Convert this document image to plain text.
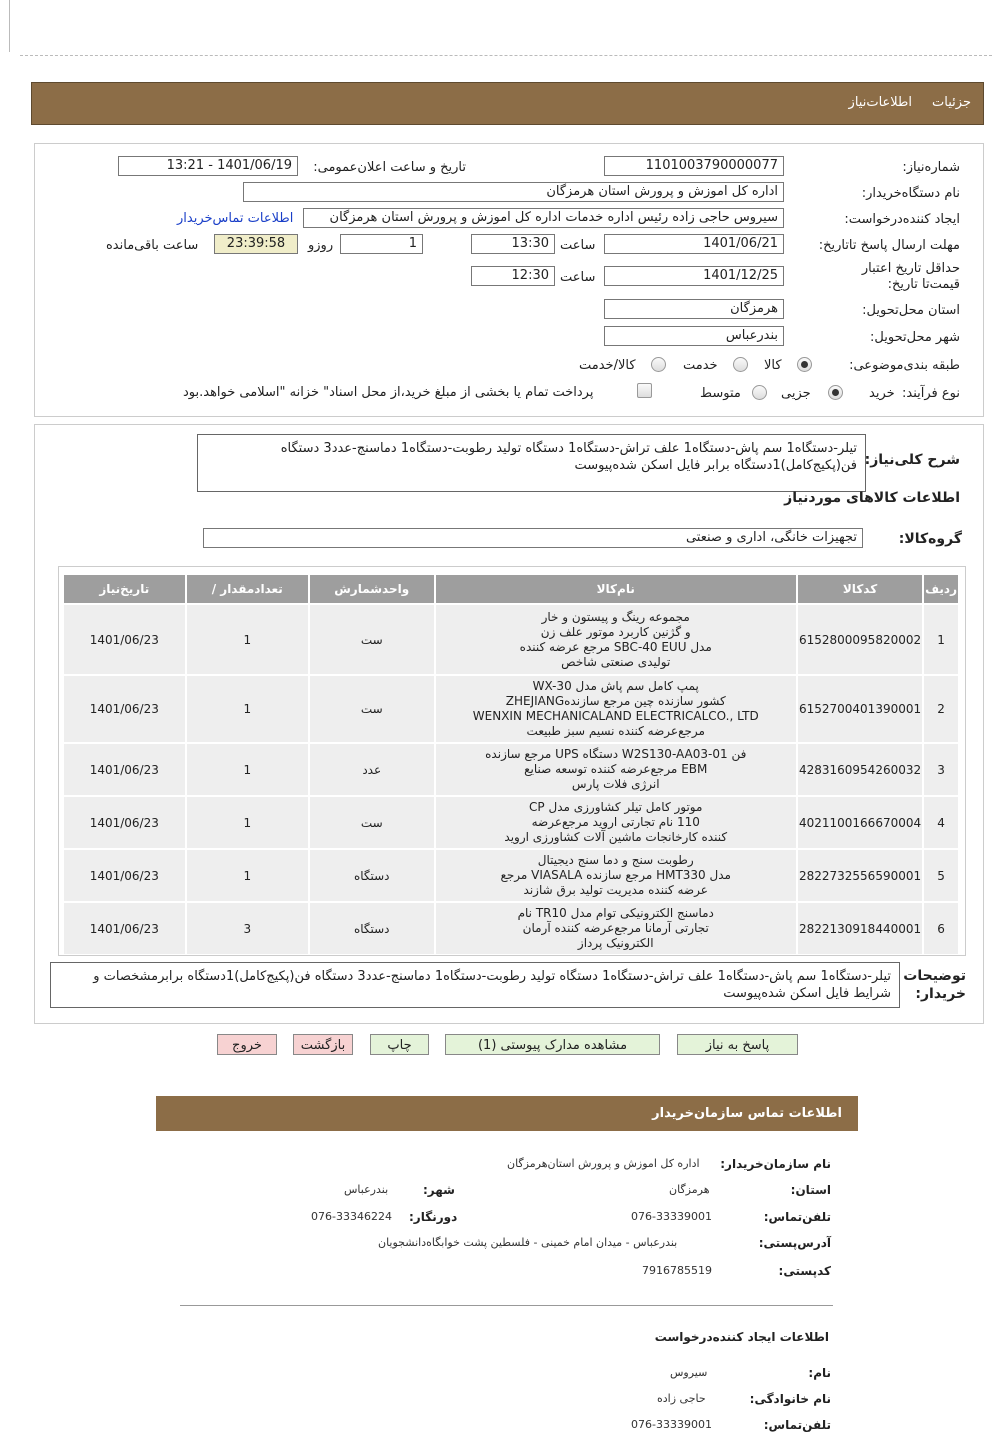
جزئیات
اطلاعات‌نیاز
شماره‌نیاز:
1101003790000077
تاریخ و ساعت اعلان‌عمومی:
1401/06/19 - 13:21
نام دستگاه‌خریدار:
اداره کل اموزش و پرورش استان هرمزگان
ایجاد کننده‌درخواست:
سیروس حاجی زاده رئیس اداره خدمات اداره کل اموزش و پرورش استان هرمزگان
اطلاعات تماس‌خریدار
مهلت ارسال پاسخ تا‌تاریخ:
1401/06/21
ساعت
13:30
1
روزو
23:39:58
ساعت باقی‌مانده
حداقل تاریخ اعتبار قیمت‌تا تاریخ:
1401/12/25
ساعت
12:30
استان محل‌تحویل:
هرمزگان
شهر محل‌تحویل:
بندرعباس
طبقه بندی‌موضوعی:
کالا
خدمت
کالا/خدمت
نوع فرآیند:
خرید
جزیی
متوسط
پرداخت تمام یا بخشی از مبلغ خرید،از محل اسناد" خزانه "اسلامی خواهد.بود
شرح کلی‌نیاز:
تیلر-دستگاه1 سم پاش-دستگاه1 علف تراش-دستگاه1 دستگاه تولید رطوبت-دستگاه1 دماسنج-عدد3 دستگاه فن(پکیج‌کامل)1دستگاه برابر فایل اسکن شده‌پیوست
اطلاعات کالاهای موردنیاز
گروه‌کالا:
تجهیزات خانگی، اداری و صنعتی
ردیف	کدکالا	نام‌کالا	واحدشمارش	تعدادمقدار /	تاریخ‌نیاز
1	6152800095820002	مجموعه رینگ و پیستون و خار
و گژنین کاربرد موتور علف زن
مدل SBC-40 EUU مرجع عرضه کننده
تولیدی صنعتی شاخص	ست	1	1401/06/23
2	6152700401390001	پمپ کامل سم پاش مدل WX-30
کشور سازنده چین مرجع سازندهZHEJIANG
WENXIN MECHANICALAND ELECTRICALCO., LTD
مرجع‌عرضه کننده نسیم سبز طبیعت	ست	1	1401/06/23
3	4283160954260032	فن W2S130-AA03-01 دستگاه UPS مرجع سازنده
EBM مرجع‌عرضه کننده توسعه صنایع
انرژی فلات پارس	عدد	1	1401/06/23
4	4021100166670004	موتور کامل تیلر کشاورزی مدل CP
110 نام تجارتی اروید مرجع‌عرضه
کننده کارخانجات ماشین آلات کشاورزی اروید	ست	1	1401/06/23
5	2822732556590001	رطوبت سنج و دما سنج دیجیتال
مدل HMT330 مرجع سازنده VIASALA مرجع
عرضه کننده مدیریت تولید برق شازند	دستگاه	1	1401/06/23
6	2822130918440001	دماسنج الکترونیکی توام مدل TR10 نام
تجارتی آرمانا مرجع‌عرضه کننده آرمان
الکترونیک پرداز	دستگاه	3	1401/06/23
توضیحات خریدار:
تیلر-دستگاه1 سم پاش-دستگاه1 علف تراش-دستگاه1 دستگاه تولید رطوبت-دستگاه1 دماسنج-عدد3 دستگاه فن(پکیج‌کامل)1دستگاه برابرمشخصات و شرایط فایل اسکن شده‌پیوست
پاسخ به نیاز
مشاهده مدارک پیوستی (1)
چاپ
بازگشت
خروج
اطلاعات تماس سازمان‌خریدار
نام سازمان‌خریدار:
اداره کل اموزش و پرورش استان‌هرمزگان
استان:
هرمزگان
شهر:
بندرعباس
تلفن‌تماس:
076-33339001
دورنگار:
076-33346224
آدرس‌پستی:
بندرعباس - میدان امام خمینی - فلسطین پشت خوابگاه‌دانشجویان
کدپستی:
7916785519
اطلاعات ایجاد کننده‌درخواست
نام:
سیروس
نام خانوادگی:
حاجی زاده
تلفن‌تماس:
076-33339001
